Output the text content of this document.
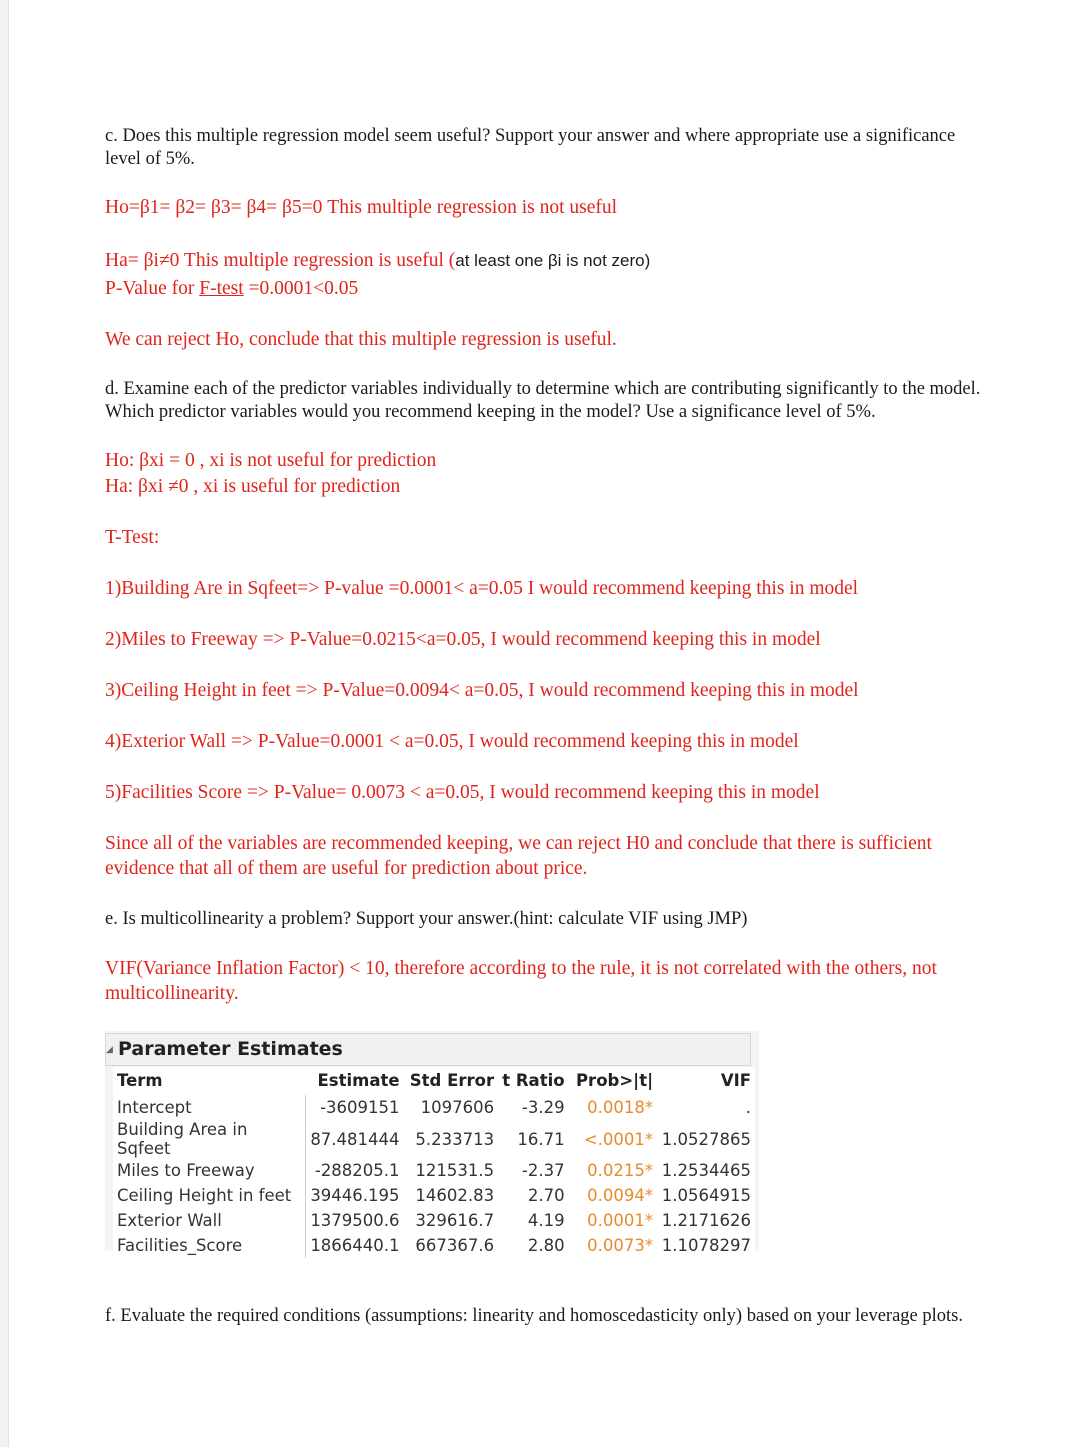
c. Does this multiple regression model seem useful? Support your answer and where appropriate use a significance
level of 5%.
Ho=β1= β2= β3= β4= β5=0 This multiple regression is not useful
Ha= βi≠0 This multiple regression is useful (at least one βi is not zero)
P-Value for F-test =0.0001<0.05
We can reject Ho, conclude that this multiple regression is useful.
d. Examine each of the predictor variables individually to determine which are contributing significantly to the model.
Which predictor variables would you recommend keeping in the model? Use a significance level of 5%.
Ho: βxi = 0 , xi is not useful for prediction
Ha: βxi ≠0 , xi is useful for prediction
T-Test:
1)Building Are in Sqfeet=> P-value =0.0001< a=0.05 I would recommend keeping this in model
2)Miles to Freeway => P-Value=0.0215<a=0.05, I would recommend keeping this in model
3)Ceiling Height in feet => P-Value=0.0094< a=0.05, I would recommend keeping this in model
4)Exterior Wall => P-Value=0.0001 < a=0.05, I would recommend keeping this in model
5)Facilities Score => P-Value= 0.0073 < a=0.05, I would recommend keeping this in model
Since all of the variables are recommended keeping, we can reject H0 and conclude that there is sufficient
evidence that all of them are useful for prediction about price.
e. Is multicollinearity a problem? Support your answer.(hint: calculate VIF using JMP)
VIF(Variance Inflation Factor) < 10, therefore according to the rule, it is not correlated with the others, not
multicollinearity.
◢ Parameter Estimates
Term	Estimate	Std Error	t Ratio	Prob>|t|	VIF
Intercept	-3609151	1097606	-3.29	0.0018*	.
Building Area in Sqfeet	87.481444	5.233713	16.71	<.0001*	1.0527865
Miles to Freeway	-288205.1	121531.5	-2.37	0.0215*	1.2534465
Ceiling Height in feet	39446.195	14602.83	2.70	0.0094*	1.0564915
Exterior Wall	1379500.6	329616.7	4.19	0.0001*	1.2171626
Facilities_Score	1866440.1	667367.6	2.80	0.0073*	1.1078297
f. Evaluate the required conditions (assumptions: linearity and homoscedasticity only) based on your leverage plots.
